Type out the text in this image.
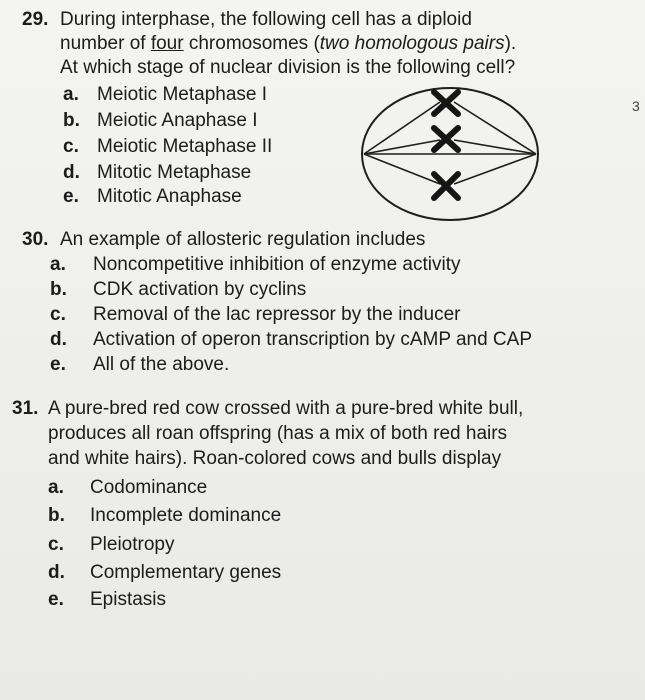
29. During interphase, the following cell has a diploid
number of four chromosomes (two homologous pairs).
At which stage of nuclear division is the following cell?
a. Meiotic Metaphase I
b. Meiotic Anaphase I
c. Meiotic Metaphase II
d. Mitotic Metaphase
e. Mitotic Anaphase
3
30. An example of allosteric regulation includes
a. Noncompetitive inhibition of enzyme activity
b. CDK activation by cyclins
c. Removal of the lac repressor by the inducer
d. Activation of operon transcription by cAMP and CAP
e. All of the above.
31. A pure-bred red cow crossed with a pure-bred white bull,
produces all roan offspring (has a mix of both red hairs
and white hairs). Roan-colored cows and bulls display
a. Codominance
b. Incomplete dominance
c. Pleiotropy
d. Complementary genes
e. Epistasis
